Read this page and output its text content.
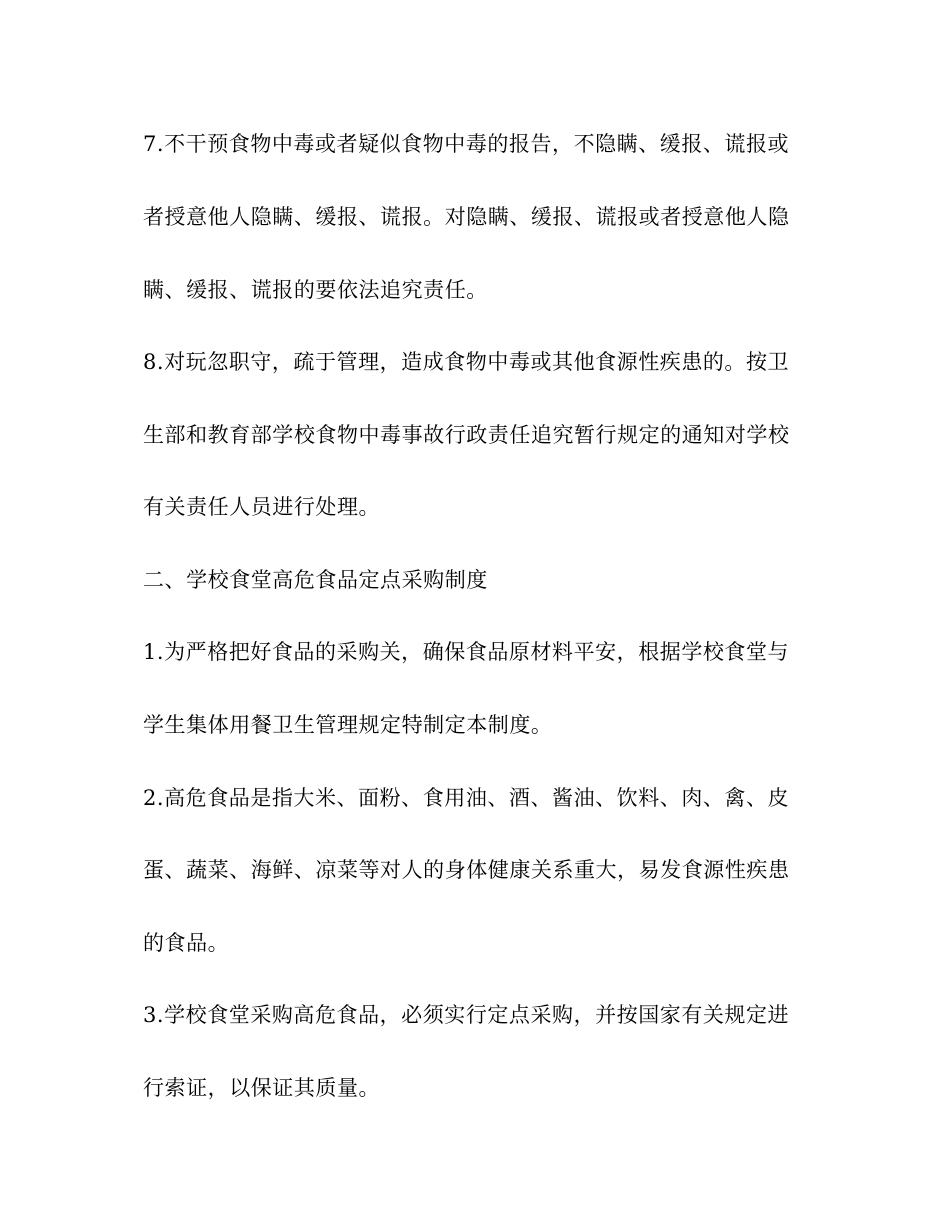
7.不干预食物中毒或者疑似食物中毒的报告，不隐瞒、缓报、谎报或
者授意他人隐瞒、缓报、谎报。对隐瞒、缓报、谎报或者授意他人隐
瞒、缓报、谎报的要依法追究责任。
8.对玩忽职守，疏于管理，造成食物中毒或其他食源性疾患的。按卫
生部和教育部学校食物中毒事故行政责任追究暂行规定的通知对学校
有关责任人员进行处理。
二、学校食堂高危食品定点采购制度
1.为严格把好食品的采购关，确保食品原材料平安，根据学校食堂与
学生集体用餐卫生管理规定特制定本制度。
2.高危食品是指大米、面粉、食用油、酒、酱油、饮料、肉、禽、皮
蛋、蔬菜、海鲜、凉菜等对人的身体健康关系重大，易发食源性疾患
的食品。
3.学校食堂采购高危食品，必须实行定点采购，并按国家有关规定进
行索证，以保证其质量。
